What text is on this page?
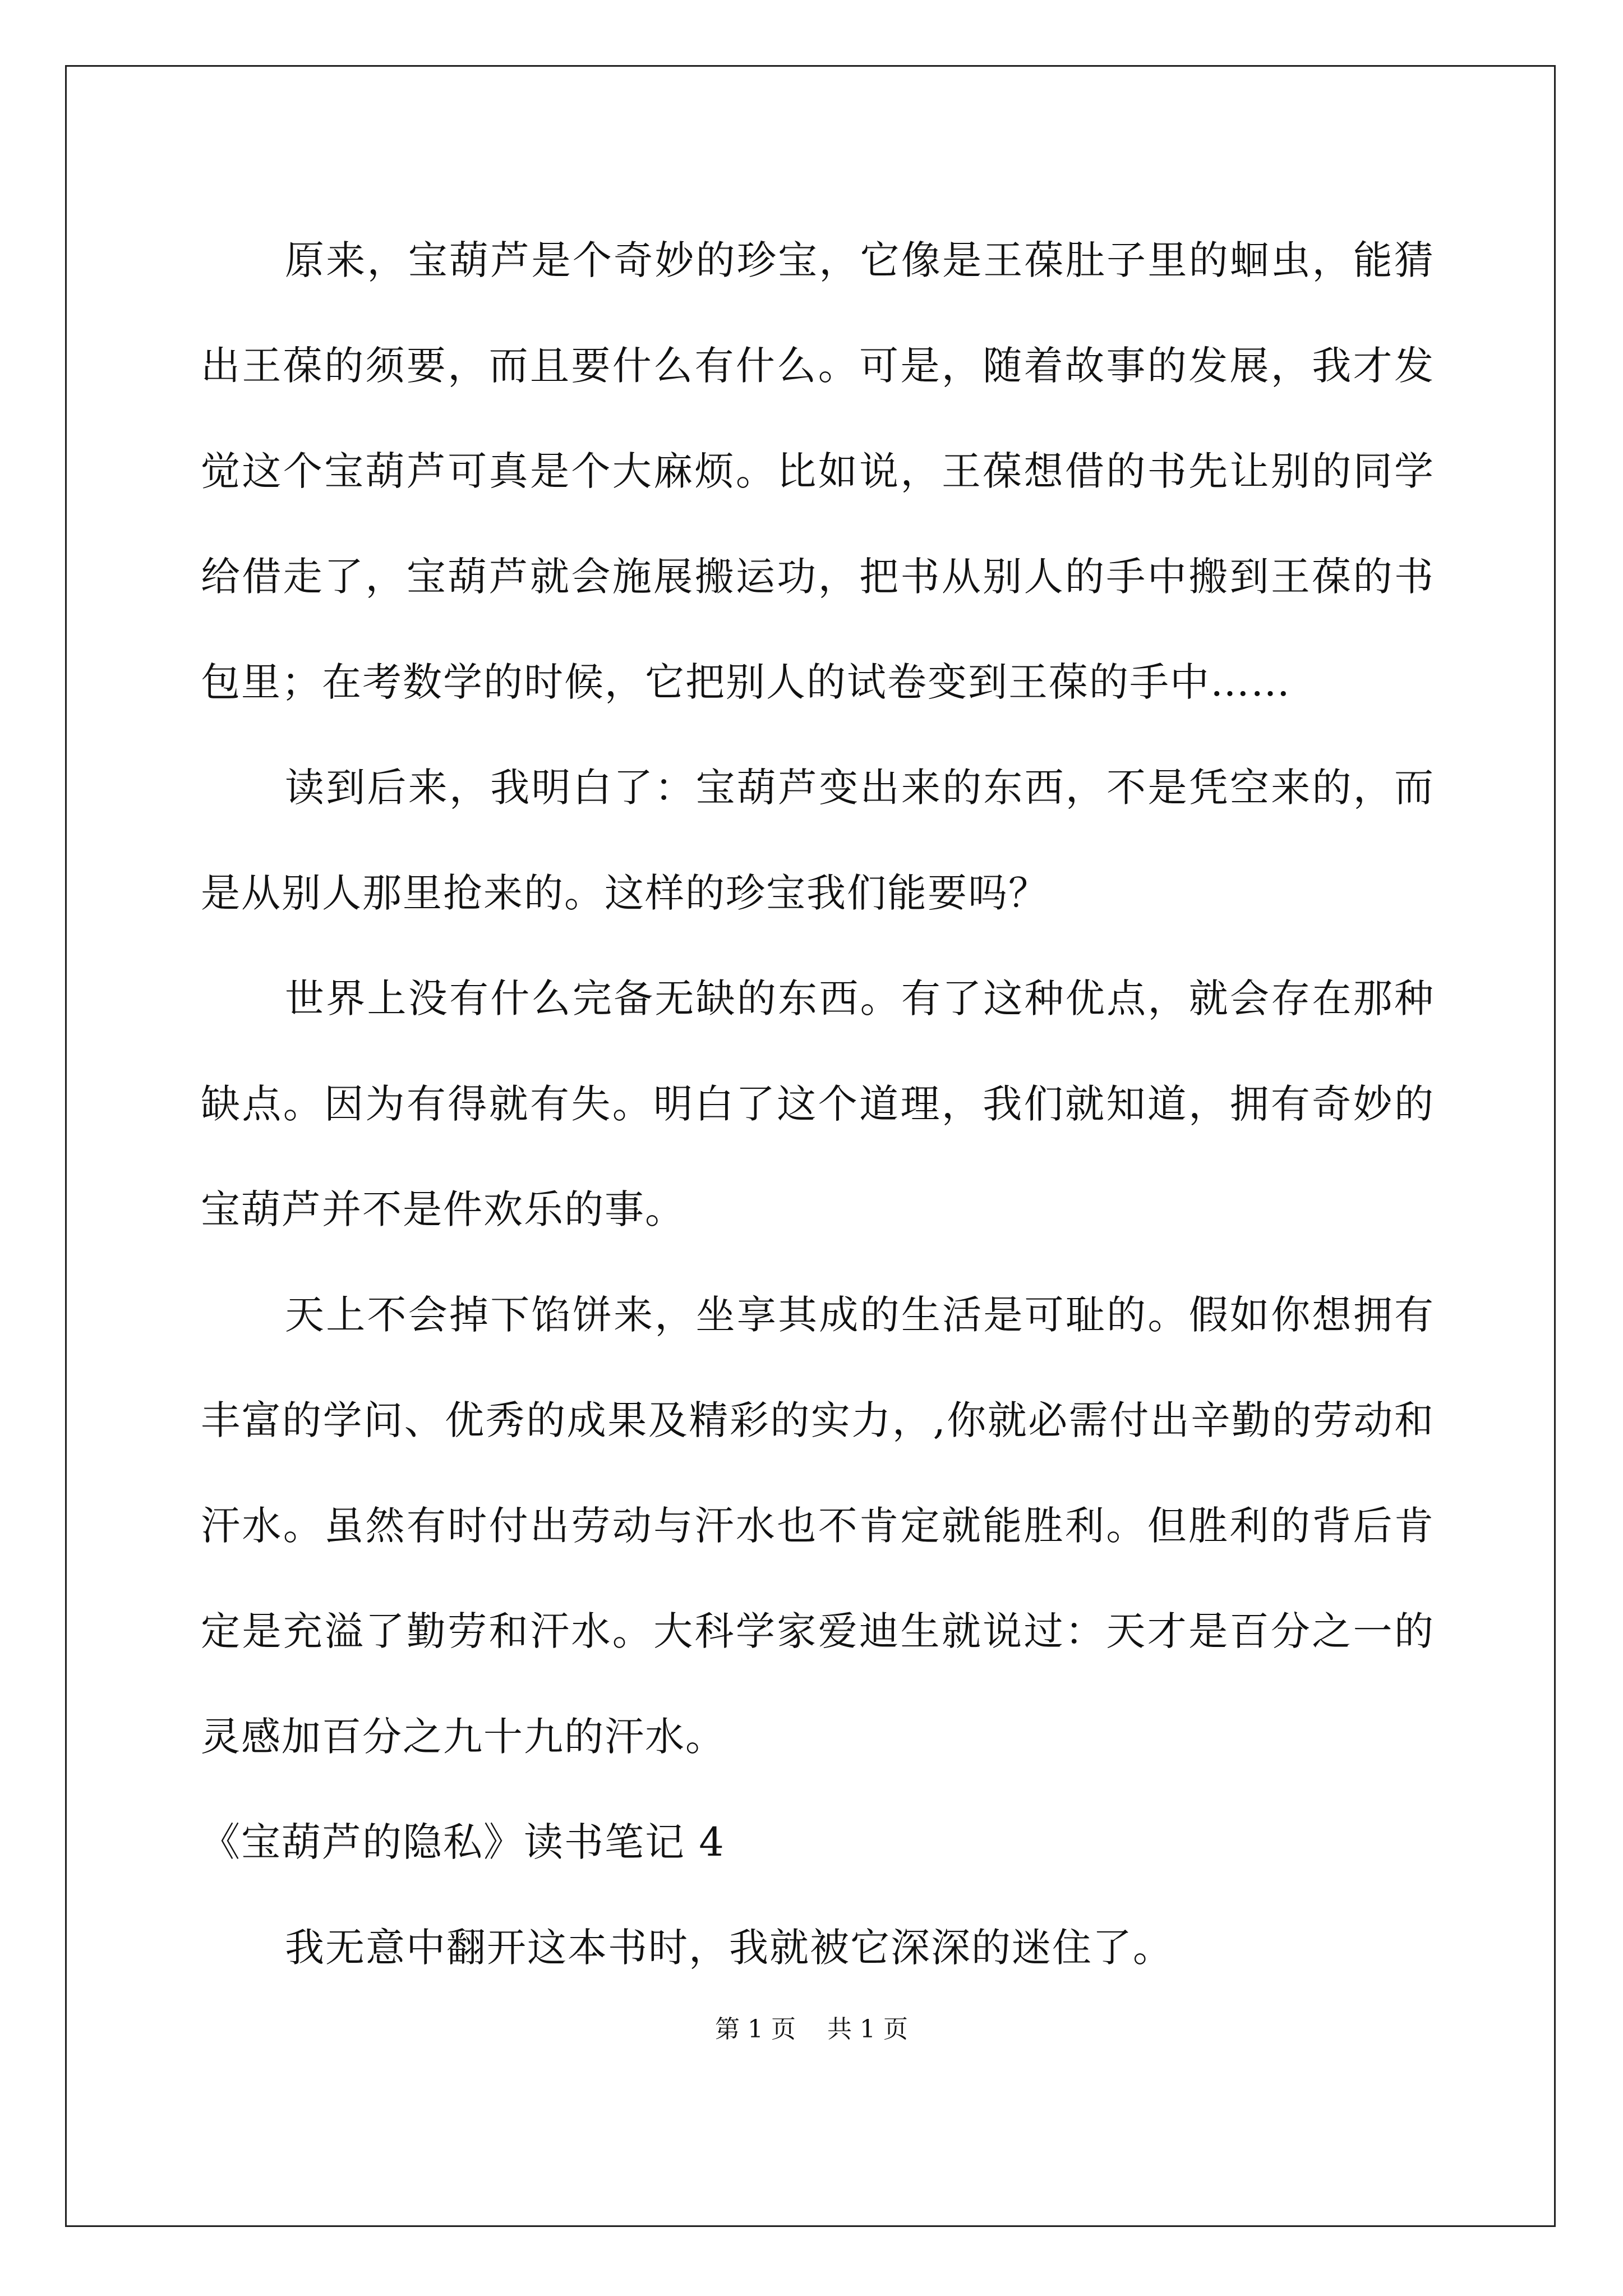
原来，宝葫芦是个奇妙的珍宝，它像是王葆肚子里的蛔虫，能猜出王葆的须要，而且要什么有什么。可是，随着故事的发展，我才发觉这个宝葫芦可真是个大麻烦。比如说，王葆想借的书先让别的同学给借走了，宝葫芦就会施展搬运功，把书从别人的手中搬到王葆的书包里；在考数学的时候，它把别人的试卷变到王葆的手中……

读到后来，我明白了：宝葫芦变出来的东西，不是凭空来的，而是从别人那里抢来的。这样的珍宝我们能要吗？

世界上没有什么完备无缺的东西。有了这种优点，就会存在那种缺点。因为有得就有失。明白了这个道理，我们就知道，拥有奇妙的宝葫芦并不是件欢乐的事。

天上不会掉下馅饼来，坐享其成的生活是可耻的。假如你想拥有丰富的学问、优秀的成果及精彩的实力，,你就必需付出辛勤的劳动和汗水。虽然有时付出劳动与汗水也不肯定就能胜利。但胜利的背后肯定是充溢了勤劳和汗水。大科学家爱迪生就说过：天才是百分之一的灵感加百分之九十九的汗水。

《宝葫芦的隐私》读书笔记 4

我无意中翻开这本书时，我就被它深深的迷住了。

第 1 页 共 1 页
